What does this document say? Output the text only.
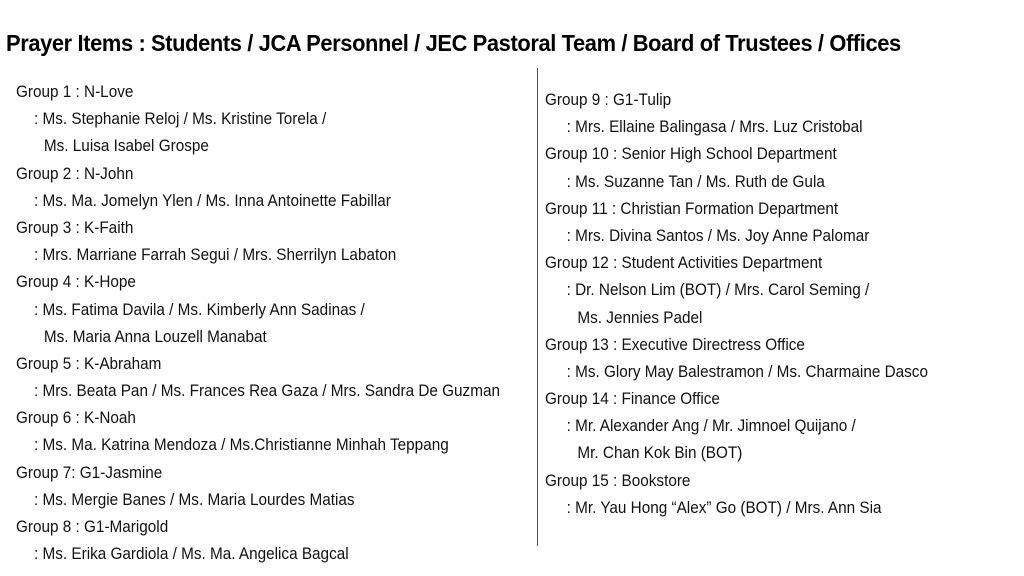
Prayer Items : Students / JCA Personnel / JEC Pastoral Team / Board of Trustees / Offices
Group 1 : N-Love
: Ms. Stephanie Reloj / Ms. Kristine Torela /
Ms. Luisa Isabel Grospe
Group 2 : N-John
: Ms. Ma. Jomelyn Ylen / Ms. Inna Antoinette Fabillar
Group 3 : K-Faith
: Mrs. Marriane Farrah Segui / Mrs. Sherrilyn Labaton
Group 4 : K-Hope
: Ms. Fatima Davila / Ms. Kimberly Ann Sadinas /
Ms. Maria Anna Louzell Manabat
Group 5 : K-Abraham
: Mrs. Beata Pan / Ms. Frances Rea Gaza / Mrs. Sandra De Guzman
Group 6 : K-Noah
: Ms. Ma. Katrina Mendoza / Ms.Christianne Minhah Teppang
Group 7: G1-Jasmine
: Ms. Mergie Banes / Ms. Maria Lourdes Matias
Group 8 : G1-Marigold
: Ms. Erika Gardiola / Ms. Ma. Angelica Bagcal
Group 9 : G1-Tulip
: Mrs. Ellaine Balingasa / Mrs. Luz Cristobal
Group 10 : Senior High School Department
: Ms. Suzanne Tan / Ms. Ruth de Gula
Group 11 : Christian Formation Department
: Mrs. Divina Santos / Ms. Joy Anne Palomar
Group 12 : Student Activities Department
: Dr. Nelson Lim (BOT) / Mrs. Carol Seming /
Ms. Jennies Padel
Group 13 : Executive Directress Office
: Ms. Glory May Balestramon / Ms. Charmaine Dasco
Group 14 : Finance Office
: Mr. Alexander Ang / Mr. Jimnoel Quijano /
Mr. Chan Kok Bin (BOT)
Group 15 : Bookstore
: Mr. Yau Hong “Alex” Go (BOT) / Mrs. Ann Sia
